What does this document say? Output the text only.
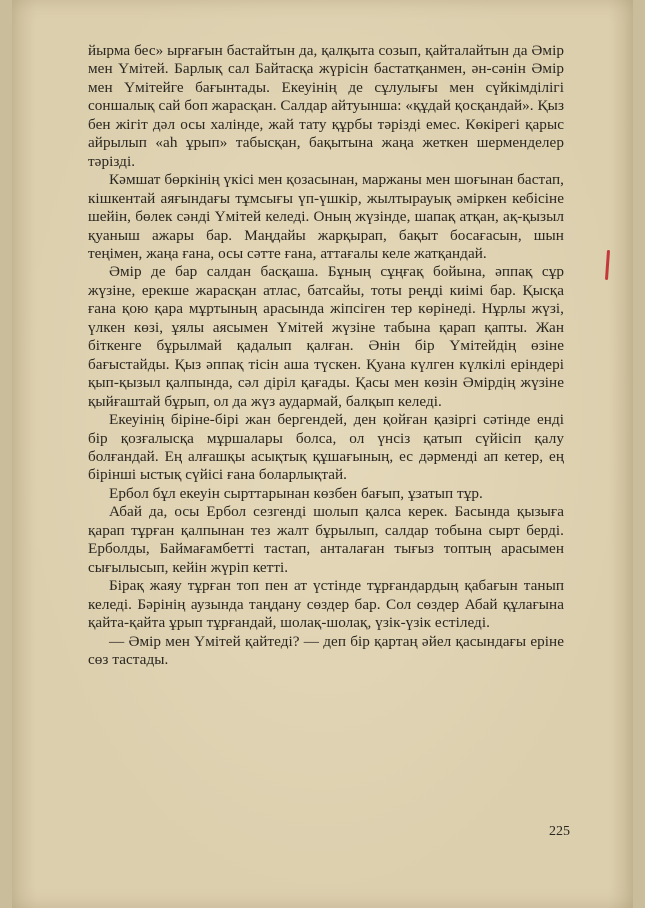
йырма бес» ырғағын бастайтын да, қалқыта созып, қайталайтын да Әмір мен Үмітей. Барлық сал Байтасқа жүрісін бастатқанмен, ән-сәнін Әмір мен Үмітейге бағынтады. Екеуінің де сұлулығы мен сүйкімділігі соншалық сай боп жарасқан. Салдар айтуынша: «құдай қосқандай». Қыз бен жігіт дәл осы халінде, жай тату құрбы тәрізді емес. Көкірегі қарыс айрылып «аһ ұрып» табысқан, бақытына жаңа жеткен шерменделер тәрізді.

Кәмшат бөркінің үкісі мен қозасынан, маржаны мен шоғынан бастап, кішкентай аяғындағы тұмсығы үп-үшкір, жылтырауық әміркен кебісіне шейін, бөлек сәнді Үмітей келеді. Оның жүзінде, шапақ атқан, ақ-қызыл қуаныш ажары бар. Маңдайы жарқырап, бақыт босағасын, шын теңімен, жаңа ғана, осы сәтте ғана, аттағалы келе жатқандай.

Әмір де бар салдан басқаша. Бұның сұңғақ бойына, әппақ сұр жүзіне, ерекше жарасқан атлас, батсайы, тоты реңді киімі бар. Қысқа ғана қою қара мұртының арасында жіпсіген тер көрінеді. Нұрлы жүзі, үлкен көзі, ұялы аясымен Үмітей жүзіне табына қарап қапты. Жан біткенге бұрылмай қадалып қалған. Әнін бір Үмітейдің өзіне бағыстайды. Қыз әппақ тісін аша түскен. Қуана күлген күлкілі еріндері қып-қызыл қалпында, сәл діріл қағады. Қасы мен көзін Әмірдің жүзіне қыйғаштай бұрып, ол да жүз аудармай, балқып келеді.

Екеуінің біріне-бірі жан бергендей, ден қойған қазіргі сәтінде енді бір қозғалысқа мұршалары болса, ол үнсіз қатып сүйісіп қалу болғандай. Ең алғашқы асықтық құшағының, ес дәрменді ап кетер, ең бірінші ыстық сүйісі ғана боларлықтай.

Ербол бұл екеуін сырттарынан көзбен бағып, ұзатып тұр.

Абай да, осы Ербол сезгенді шолып қалса керек. Басында қызыға қарап тұрған қалпынан тез жалт бұрылып, салдар тобына сырт берді. Ерболды, Баймағамбетті тастап, анталаған тығыз топтың арасымен сығылысып, кейін жүріп кетті.

Бірақ жаяу тұрған топ пен ат үстінде тұрғандардың қабағын танып келеді. Бәрінің аузында таңдану сөздер бар. Сол сөздер Абай құлағына қайта-қайта ұрып тұрғандай, шолақ-шолақ, үзік-үзік естіледі.

— Әмір мен Үмітей қайтеді? — деп бір қартаң әйел қасындағы еріне сөз тастады.

225
